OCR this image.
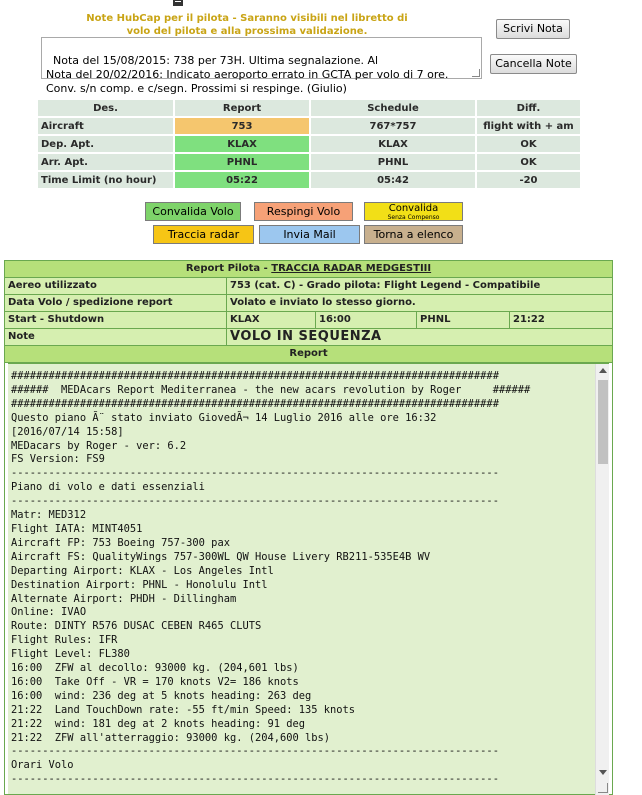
Note HubCap per il pilota - Saranno visibili nel libretto di volo del pilota e alla prossima validazione.

Nota del 15/08/2015: 738 per 73H. Ultima segnalazione. Al
Nota del 20/02/2016: Indicato aeroporto errato in GCTA per volo di 7 ore. Conv. s/n comp. e c/segn. Prossimi si respinge. (Giulio)

Scrivi Nota
Cancella Note
Des.	Report	Schedule	Diff.
Aircraft	753	767*757	flight with + am
Dep. Apt.	KLAX	KLAX	OK
Arr. Apt.	PHNL	PHNL	OK
Time Limit (no hour)	05:22	05:42	-20
Convalida Volo	Respingi Volo	Convalida
Senza Compenso
Traccia radar	Invia Mail	Torna a elenco
Report Pilota - TRACCIA RADAR MEDGESTIII
Aereo utilizzato	753 (cat. C) - Grado pilota: Flight Legend - Compatibile
Data Volo / spedizione report	Volato e inviato lo stesso giorno.
Start - Shutdown	KLAX	16:00	PHNL	21:22
Note	VOLO IN SEQUENZA
Report
##############################################################################
######  MEDAcars Report Mediterranea - the new acars revolution by Roger     ######
##############################################################################
Questo piano Ã¨ stato inviato GiovedÃ¬ 14 Luglio 2016 alle ore 16:32
[2016/07/14 15:58]
MEDacars by Roger - ver: 6.2
FS Version: FS9
------------------------------------------------------------------------------
Piano di volo e dati essenziali
------------------------------------------------------------------------------
Matr: MED312
Flight IATA: MINT4051
Aircraft FP: 753 Boeing 757-300 pax
Aircraft FS: QualityWings 757-300WL QW House Livery RB211-535E4B WV
Departing Airport: KLAX - Los Angeles Intl
Destination Airport: PHNL - Honolulu Intl
Alternate Airport: PHDH - Dillingham
Online: IVAO
Route: DINTY R576 DUSAC CEBEN R465 CLUTS
Flight Rules: IFR
Flight Level: FL380
16:00  ZFW al decollo: 93000 kg. (204,601 lbs)
16:00  Take Off - VR = 170 knots V2= 186 knots
16:00  wind: 236 deg at 5 knots heading: 263 deg
21:22  Land TouchDown rate: -55 ft/min Speed: 135 knots
21:22  wind: 181 deg at 2 knots heading: 91 deg
21:22  ZFW all'atterraggio: 93000 kg. (204,600 lbs)
------------------------------------------------------------------------------
Orari Volo
------------------------------------------------------------------------------
